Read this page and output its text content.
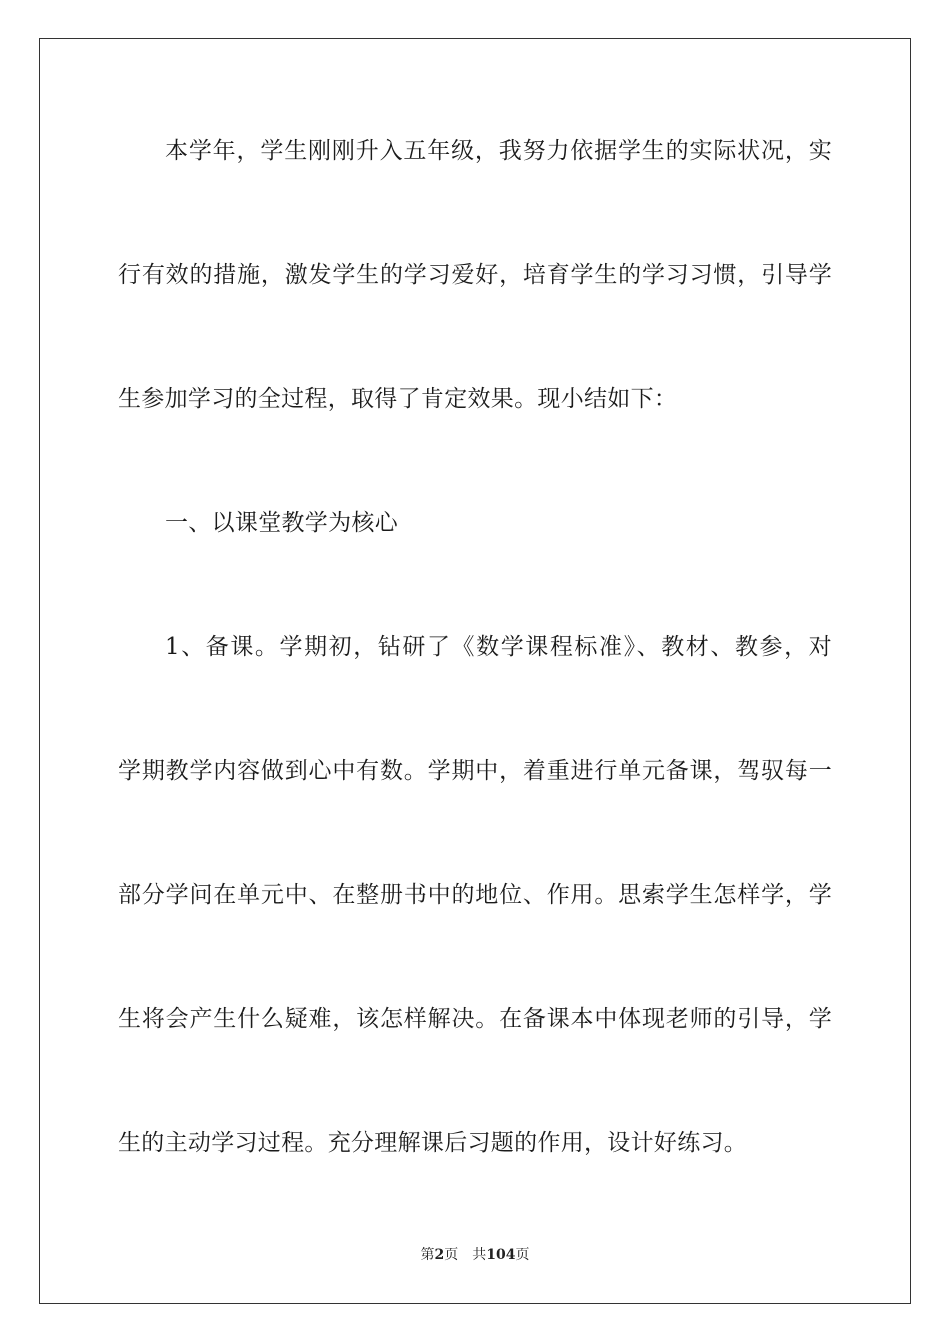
本学年，学生刚刚升入五年级，我努力依据学生的实际状况，实
行有效的措施，激发学生的学习爱好，培育学生的学习习惯，引导学
生参加学习的全过程，取得了肯定效果。现小结如下：
一、以课堂教学为核心
1、备课。学期初，钻研了《数学课程标准》、教材、教参，对
学期教学内容做到心中有数。学期中，着重进行单元备课，驾驭每一
部分学问在单元中、在整册书中的地位、作用。思索学生怎样学，学
生将会产生什么疑难，该怎样解决。在备课本中体现老师的引导，学
生的主动学习过程。充分理解课后习题的作用，设计好练习。
第2页 共104页
